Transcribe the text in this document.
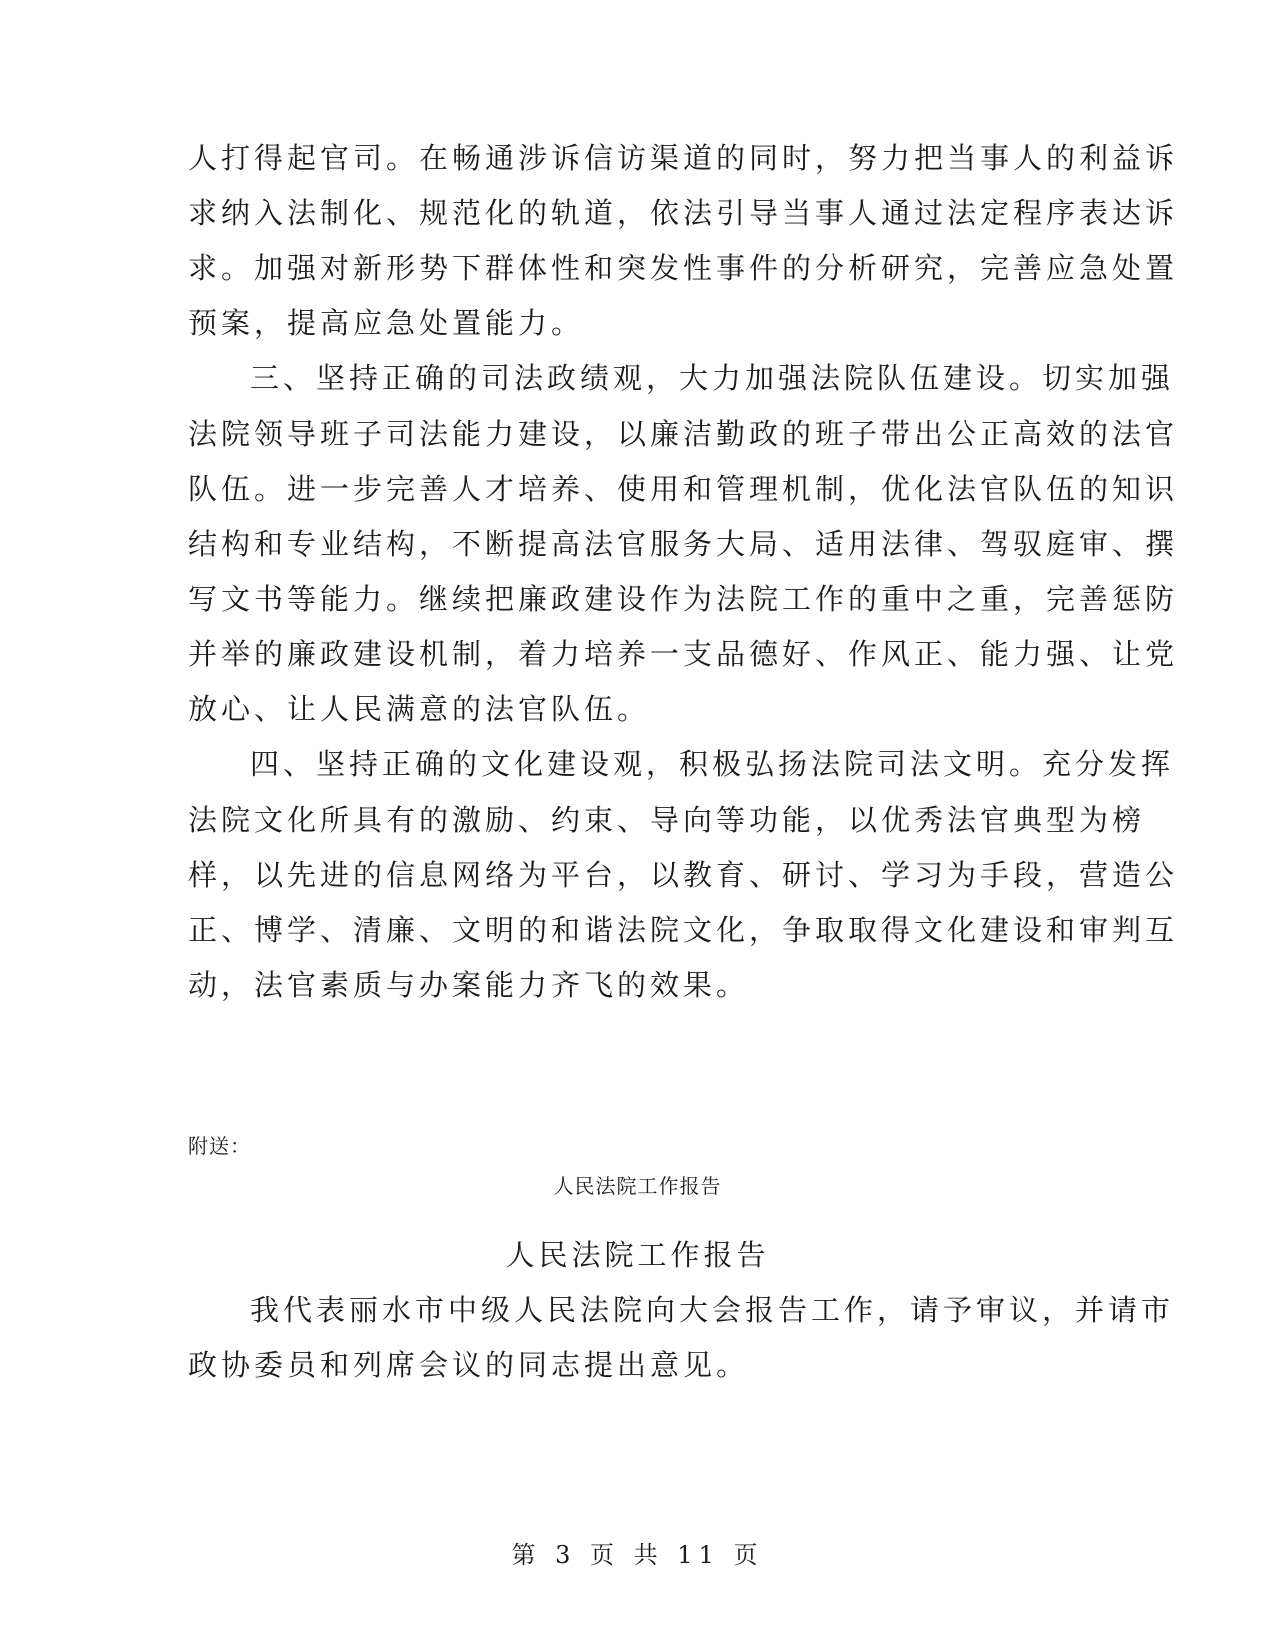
人打得起官司。在畅通涉诉信访渠道的同时，努力把当事人的利益诉
求纳入法制化、规范化的轨道，依法引导当事人通过法定程序表达诉
求。加强对新形势下群体性和突发性事件的分析研究，完善应急处置
预案，提高应急处置能力。
三、坚持正确的司法政绩观，大力加强法院队伍建设。切实加强
法院领导班子司法能力建设，以廉洁勤政的班子带出公正高效的法官
队伍。进一步完善人才培养、使用和管理机制，优化法官队伍的知识
结构和专业结构，不断提高法官服务大局、适用法律、驾驭庭审、撰
写文书等能力。继续把廉政建设作为法院工作的重中之重，完善惩防
并举的廉政建设机制，着力培养一支品德好、作风正、能力强、让党
放心、让人民满意的法官队伍。
四、坚持正确的文化建设观，积极弘扬法院司法文明。充分发挥
法院文化所具有的激励、约束、导向等功能，以优秀法官典型为榜
样，以先进的信息网络为平台，以教育、研讨、学习为手段，营造公
正、博学、清廉、文明的和谐法院文化，争取取得文化建设和审判互
动，法官素质与办案能力齐飞的效果。
附送：
人民法院工作报告
人民法院工作报告
我代表丽水市中级人民法院向大会报告工作，请予审议，并请市
政协委员和列席会议的同志提出意见。
第 3 页 共 11 页
